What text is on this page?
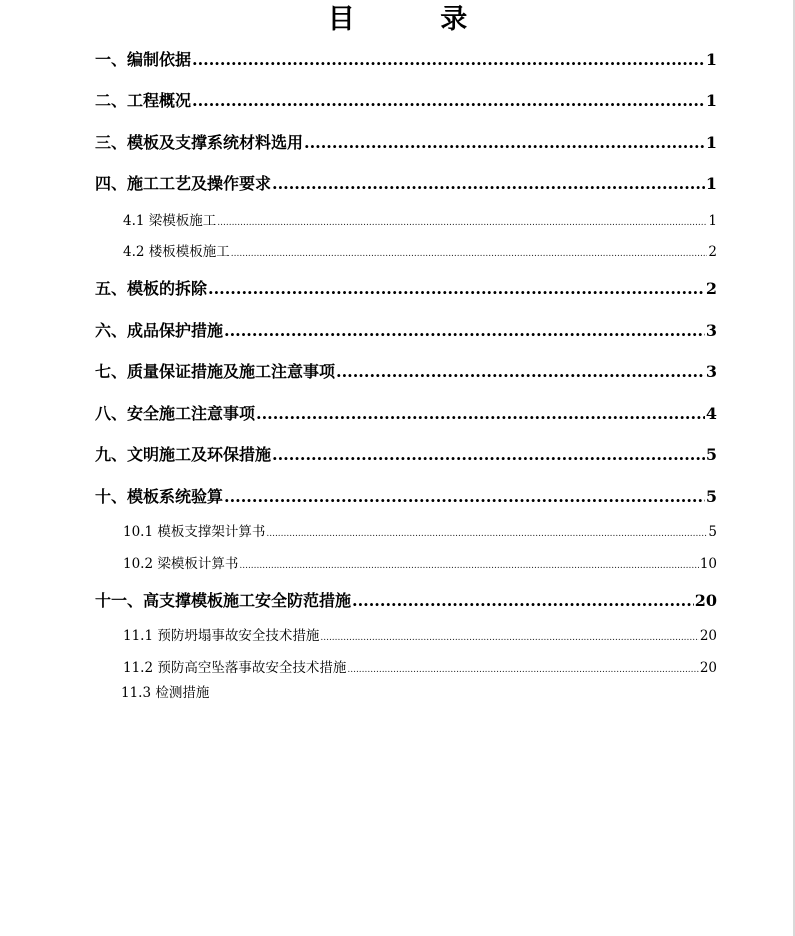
目 录
一、编制依据 .....	1
二、工程概况 .....	1
三、模板及支撑系统材料选用 .....	1
四、施工工艺及操作要求 .....	1
4.1 梁模板施工 .....	1
4.2 楼板模板施工 .....	2
五、模板的拆除 .....	2
六、成品保护措施 .....	3
七、质量保证措施及施工注意事项 .....	3
八、安全施工注意事项 .....	4
九、文明施工及环保措施 .....	5
十、模板系统验算 .....	5
10.1 模板支撑架计算书 .....	5
10.2 梁模板计算书 .....	10
十一、高支撑模板施工安全防范措施 .....	20
11.1 预防坍塌事故安全技术措施 .....	20
11.2 预防高空坠落事故安全技术措施 .....	20
11.3 检测措施
